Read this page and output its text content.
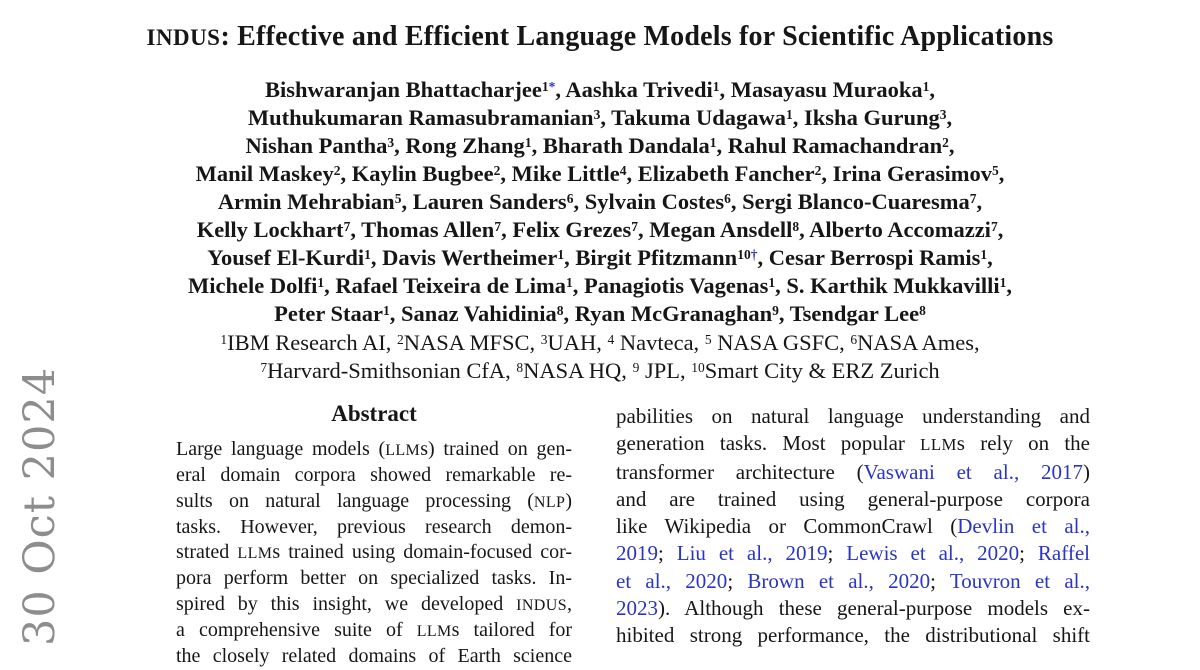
30 Oct 2024
INDUS: Effective and Efficient Language Models for Scientific Applications
Bishwaranjan Bhattacharjee$^{1*}$, Aashka Trivedi$^1$, Masayasu Muraoka$^1$,
Muthukumaran Ramasubramanian$^3$, Takuma Udagawa$^1$, Iksha Gurung$^3$,
Nishan Pantha$^3$, Rong Zhang$^1$, Bharath Dandala$^1$, Rahul Ramachandran$^2$,
Manil Maskey$^2$, Kaylin Bugbee$^2$, Mike Little$^4$, Elizabeth Fancher$^2$, Irina Gerasimov$^5$,
Armin Mehrabian$^5$, Lauren Sanders$^6$, Sylvain Costes$^6$, Sergi Blanco-Cuaresma$^7$,
Kelly Lockhart$^7$, Thomas Allen$^7$, Felix Grezes$^7$, Megan Ansdell$^8$, Alberto Accomazzi$^7$,
Yousef El-Kurdi$^1$, Davis Wertheimer$^1$, Birgit Pfitzmann$^{10\dagger}$, Cesar Berrospi Ramis$^1$,
Michele Dolfi$^1$, Rafael Teixeira de Lima$^1$, Panagiotis Vagenas$^1$, S. Karthik Mukkavilli$^1$,
Peter Staar$^1$, Sanaz Vahidinia$^8$, Ryan McGranaghan$^9$, Tsendgar Lee$^8$
$^1$IBM Research AI, $^2$NASA MFSC, $^3$UAH, $^4$ Navteca, $^5$ NASA GSFC, $^6$NASA Ames,
$^7$Harvard-Smithsonian CfA, $^8$NASA HQ, $^9$ JPL, $^{10}$Smart City & ERZ Zurich
Abstract
Large language models (LLMs) trained on gen-
eral domain corpora showed remarkable re-
sults on natural language processing (NLP)
tasks. However, previous research demon-
strated LLMs trained using domain-focused cor-
pora perform better on specialized tasks. In-
spired by this insight, we developed INDUS,
a comprehensive suite of LLMs tailored for
the closely related domains of Earth science
pabilities on natural language understanding and
generation tasks. Most popular LLMs rely on the
transformer architecture (Vaswani et al., 2017)
and are trained using general-purpose corpora
like Wikipedia or CommonCrawl (Devlin et al.,
2019; Liu et al., 2019; Lewis et al., 2020; Raffel
et al., 2020; Brown et al., 2020; Touvron et al.,
2023). Although these general-purpose models ex-
hibited strong performance, the distributional shift
